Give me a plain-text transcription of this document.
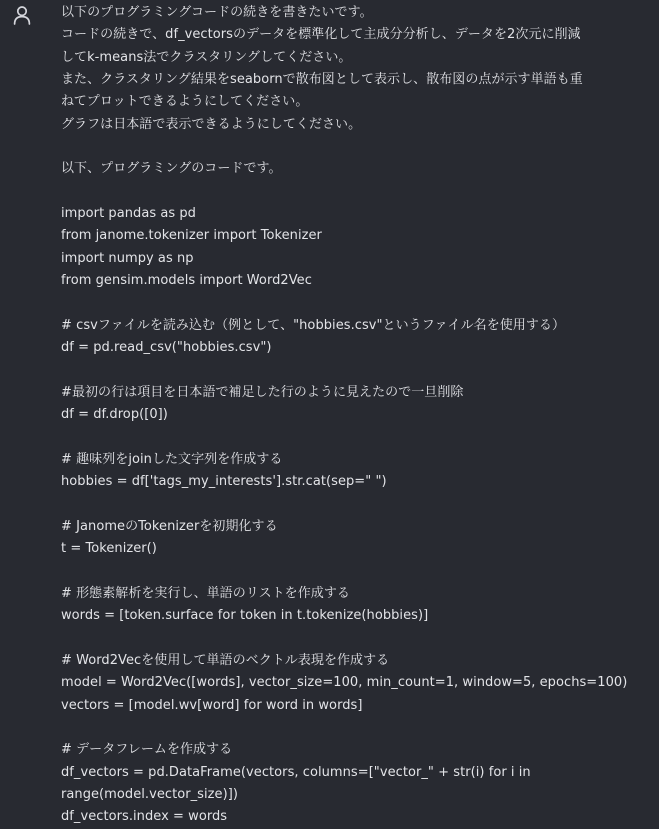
以下のプログラミングコードの続きを書きたいです。
コードの続きで、df_vectorsのデータを標準化して主成分分析し、データを2次元に削減
してk-means法でクラスタリングしてください。
また、クラスタリング結果をseabornで散布図として表示し、散布図の点が示す単語も重
ねてプロットできるようにしてください。
グラフは日本語で表示できるようにしてください。
以下、プログラミングのコードです。
import pandas as pd
from janome.tokenizer import Tokenizer
import numpy as np
from gensim.models import Word2Vec
# csvファイルを読み込む（例として、"hobbies.csv"というファイル名を使用する）
df = pd.read_csv("hobbies.csv")
#最初の行は項目を日本語で補足した行のように見えたので一旦削除
df = df.drop([0])
# 趣味列をjoinした文字列を作成する
hobbies = df['tags_my_interests'].str.cat(sep=" ")
# JanomeのTokenizerを初期化する
t = Tokenizer()
# 形態素解析を実行し、単語のリストを作成する
words = [token.surface for token in t.tokenize(hobbies)]
# Word2Vecを使用して単語のベクトル表現を作成する
model = Word2Vec([words], vector_size=100, min_count=1, window=5, epochs=100)
vectors = [model.wv[word] for word in words]
# データフレームを作成する
df_vectors = pd.DataFrame(vectors, columns=["vector_" + str(i) for i in
range(model.vector_size)])
df_vectors.index = words
